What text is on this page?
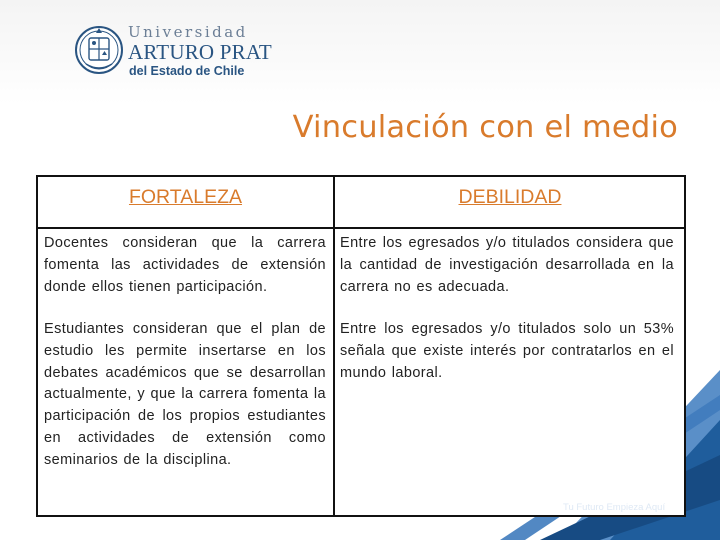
Universidad
ARTURO PRAT
del Estado de Chile
Vinculación con el medio
FORTALEZA	DEBILIDAD
Docentes consideran que la carrera fomenta las actividades de extensión donde ellos tienen participación.
Entre los egresados y/o titulados considera que la cantidad de investigación desarrollada en la carrera no es adecuada.
Estudiantes consideran que el plan de estudio les permite insertarse en los debates académicos que se desarrollan actualmente, y que la carrera fomenta la participación de los propios estudiantes en actividades de extensión como seminarios de la disciplina.
Entre los egresados y/o titulados solo un 53% señala que existe interés por contratarlos en el mundo laboral.
unap.cl
Tu Futuro Empieza Aquí
